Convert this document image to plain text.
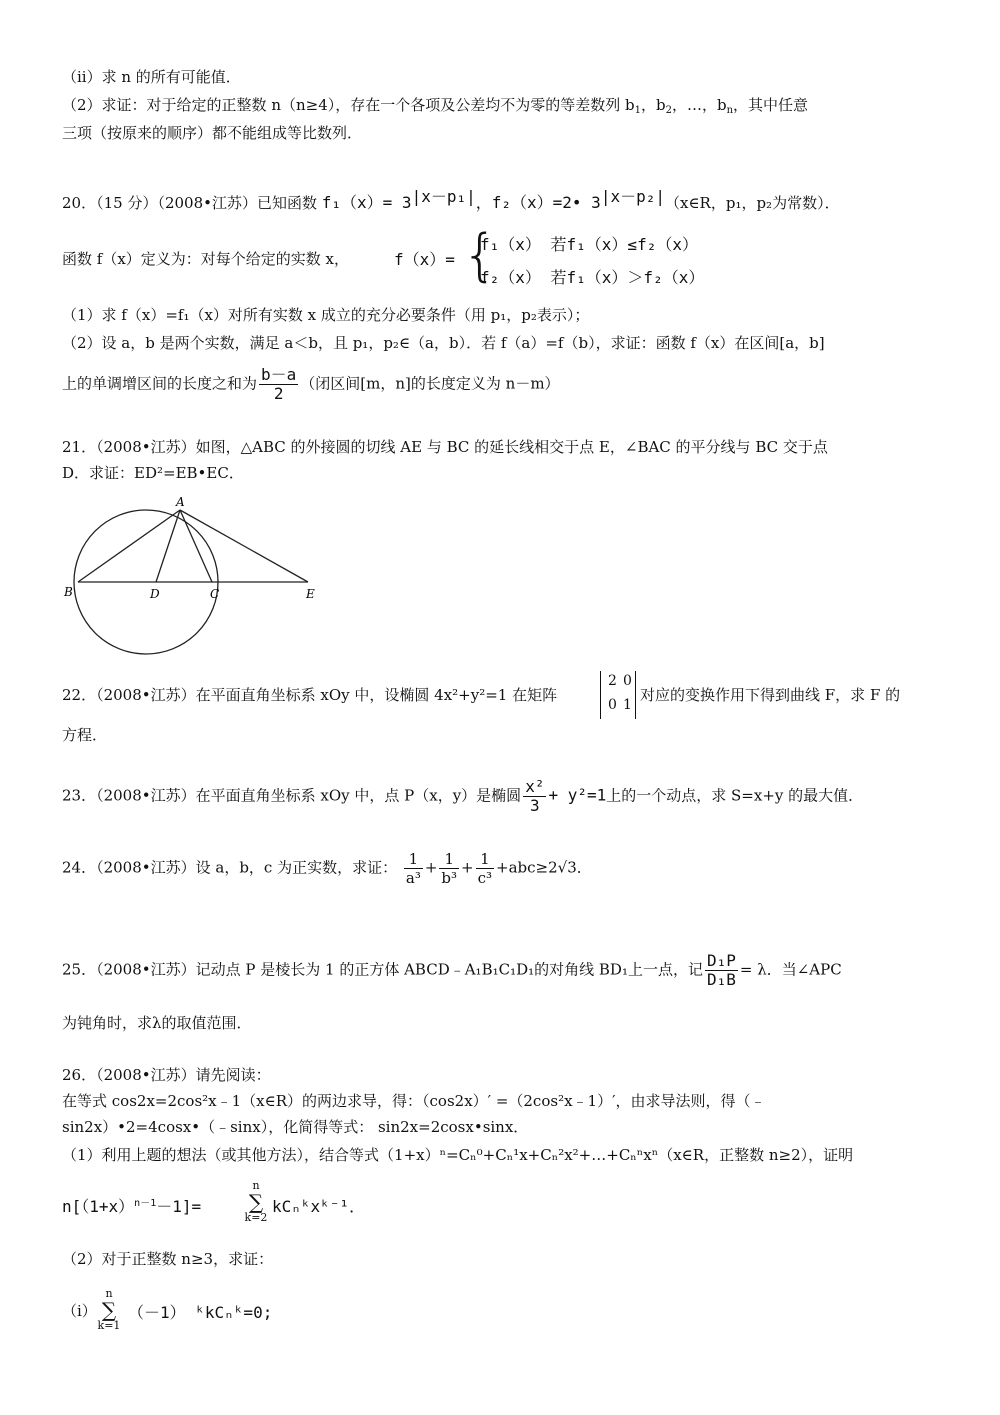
（ii）求 n 的所有可能值．
（2）求证：对于给定的正整数 n（n≥4），存在一个各项及公差均不为零的等差数列 $b_1$，$b_2$，…，$b_n$，其中任意
三项（按原来的顺序）都不能组成等比数列．
20．（15 分）（2008•江苏）已知函数 $f_1(x)= 3^{|x-p_1|}$，f₂（x）=2• $3^{|x-p_2|}(x\in R$，p₁，p₂为常数）．
函数 f（x）定义为：对每个给定的实数 x，	f（x）= {
f₁（x） 若f₁（x）≤f₂（x）
f₂（x） 若f₁（x）＞f₂（x）
（1）求 f（x）=f₁（x）对所有实数 x 成立的充分必要条件（用 p₁，p₂表示）；
（2）设 a，b 是两个实数，满足 a＜b，且 p₁，p₂∈（a，b）．若 f（a）=f（b），求证：函数 f（x）在区间[a，b]
上的单调增区间的长度之和为 $\frac{b-a}{2}$ （闭区间[m，n]的长度定义为 n－m）
21．（2008•江苏）如图，△ABC 的外接圆的切线 AE 与 BC 的延长线相交于点 E，∠BAC 的平分线与 BC 交于点
D．求证：ED²=EB•EC．
A
B	D	C	E
22．（2008•江苏）在平面直角坐标系 xOy 中，设椭圆 4x²+y²=1 在矩阵
2 0
0 1
对应的变换作用下得到曲线 F，求 F 的
方程．
23．（2008•江苏）在平面直角坐标系 xOy 中，点 P（x，y）是椭圆 $\frac{\text{x²}}{3} + y^2=1$上的一个动点，求 S=x+y 的最大值．
24．（2008•江苏）设 a，b，c 为正实数，求证： $\frac{1}{\text{a³}} + \frac{1}{\text{b³}} + \frac{1}{\text{c³}} +abc\ge 2√3$．
25．（2008•江苏）记动点 P 是棱长为 1 的正方体 ABCD﹣A₁B₁C₁D₁的对角线 BD₁上一点，记 $\frac{\text{D₁P}}{\text{D₁B}} = \lambda$．当∠APC
为钝角时，求λ的取值范围．
26．（2008•江苏）请先阅读：
在等式 cos2x=2cos²x﹣1（x∈R）的两边求导，得：（cos2x）′ =（2cos²x﹣1）′，由求导法则，得（﹣
sin2x）•2=4cosx•（﹣sinx），化简得等式： sin2x=2cosx•sinx．
（1）利用上题的想法（或其他方法），结合等式（1+x）ⁿ=Cₙ⁰+Cₙ¹x+Cₙ²x²+…+Cₙⁿxⁿ（x∈R，正整数 n≥2），证明
$n[(1+x)^{n-1}-1]=$
n
∑
k=2
kCₙᵏxᵏ⁻¹．
（2）对于正整数 n≥3，求证：
（i）
n
∑
k=1
（－1） ᵏkCₙᵏ=0;
